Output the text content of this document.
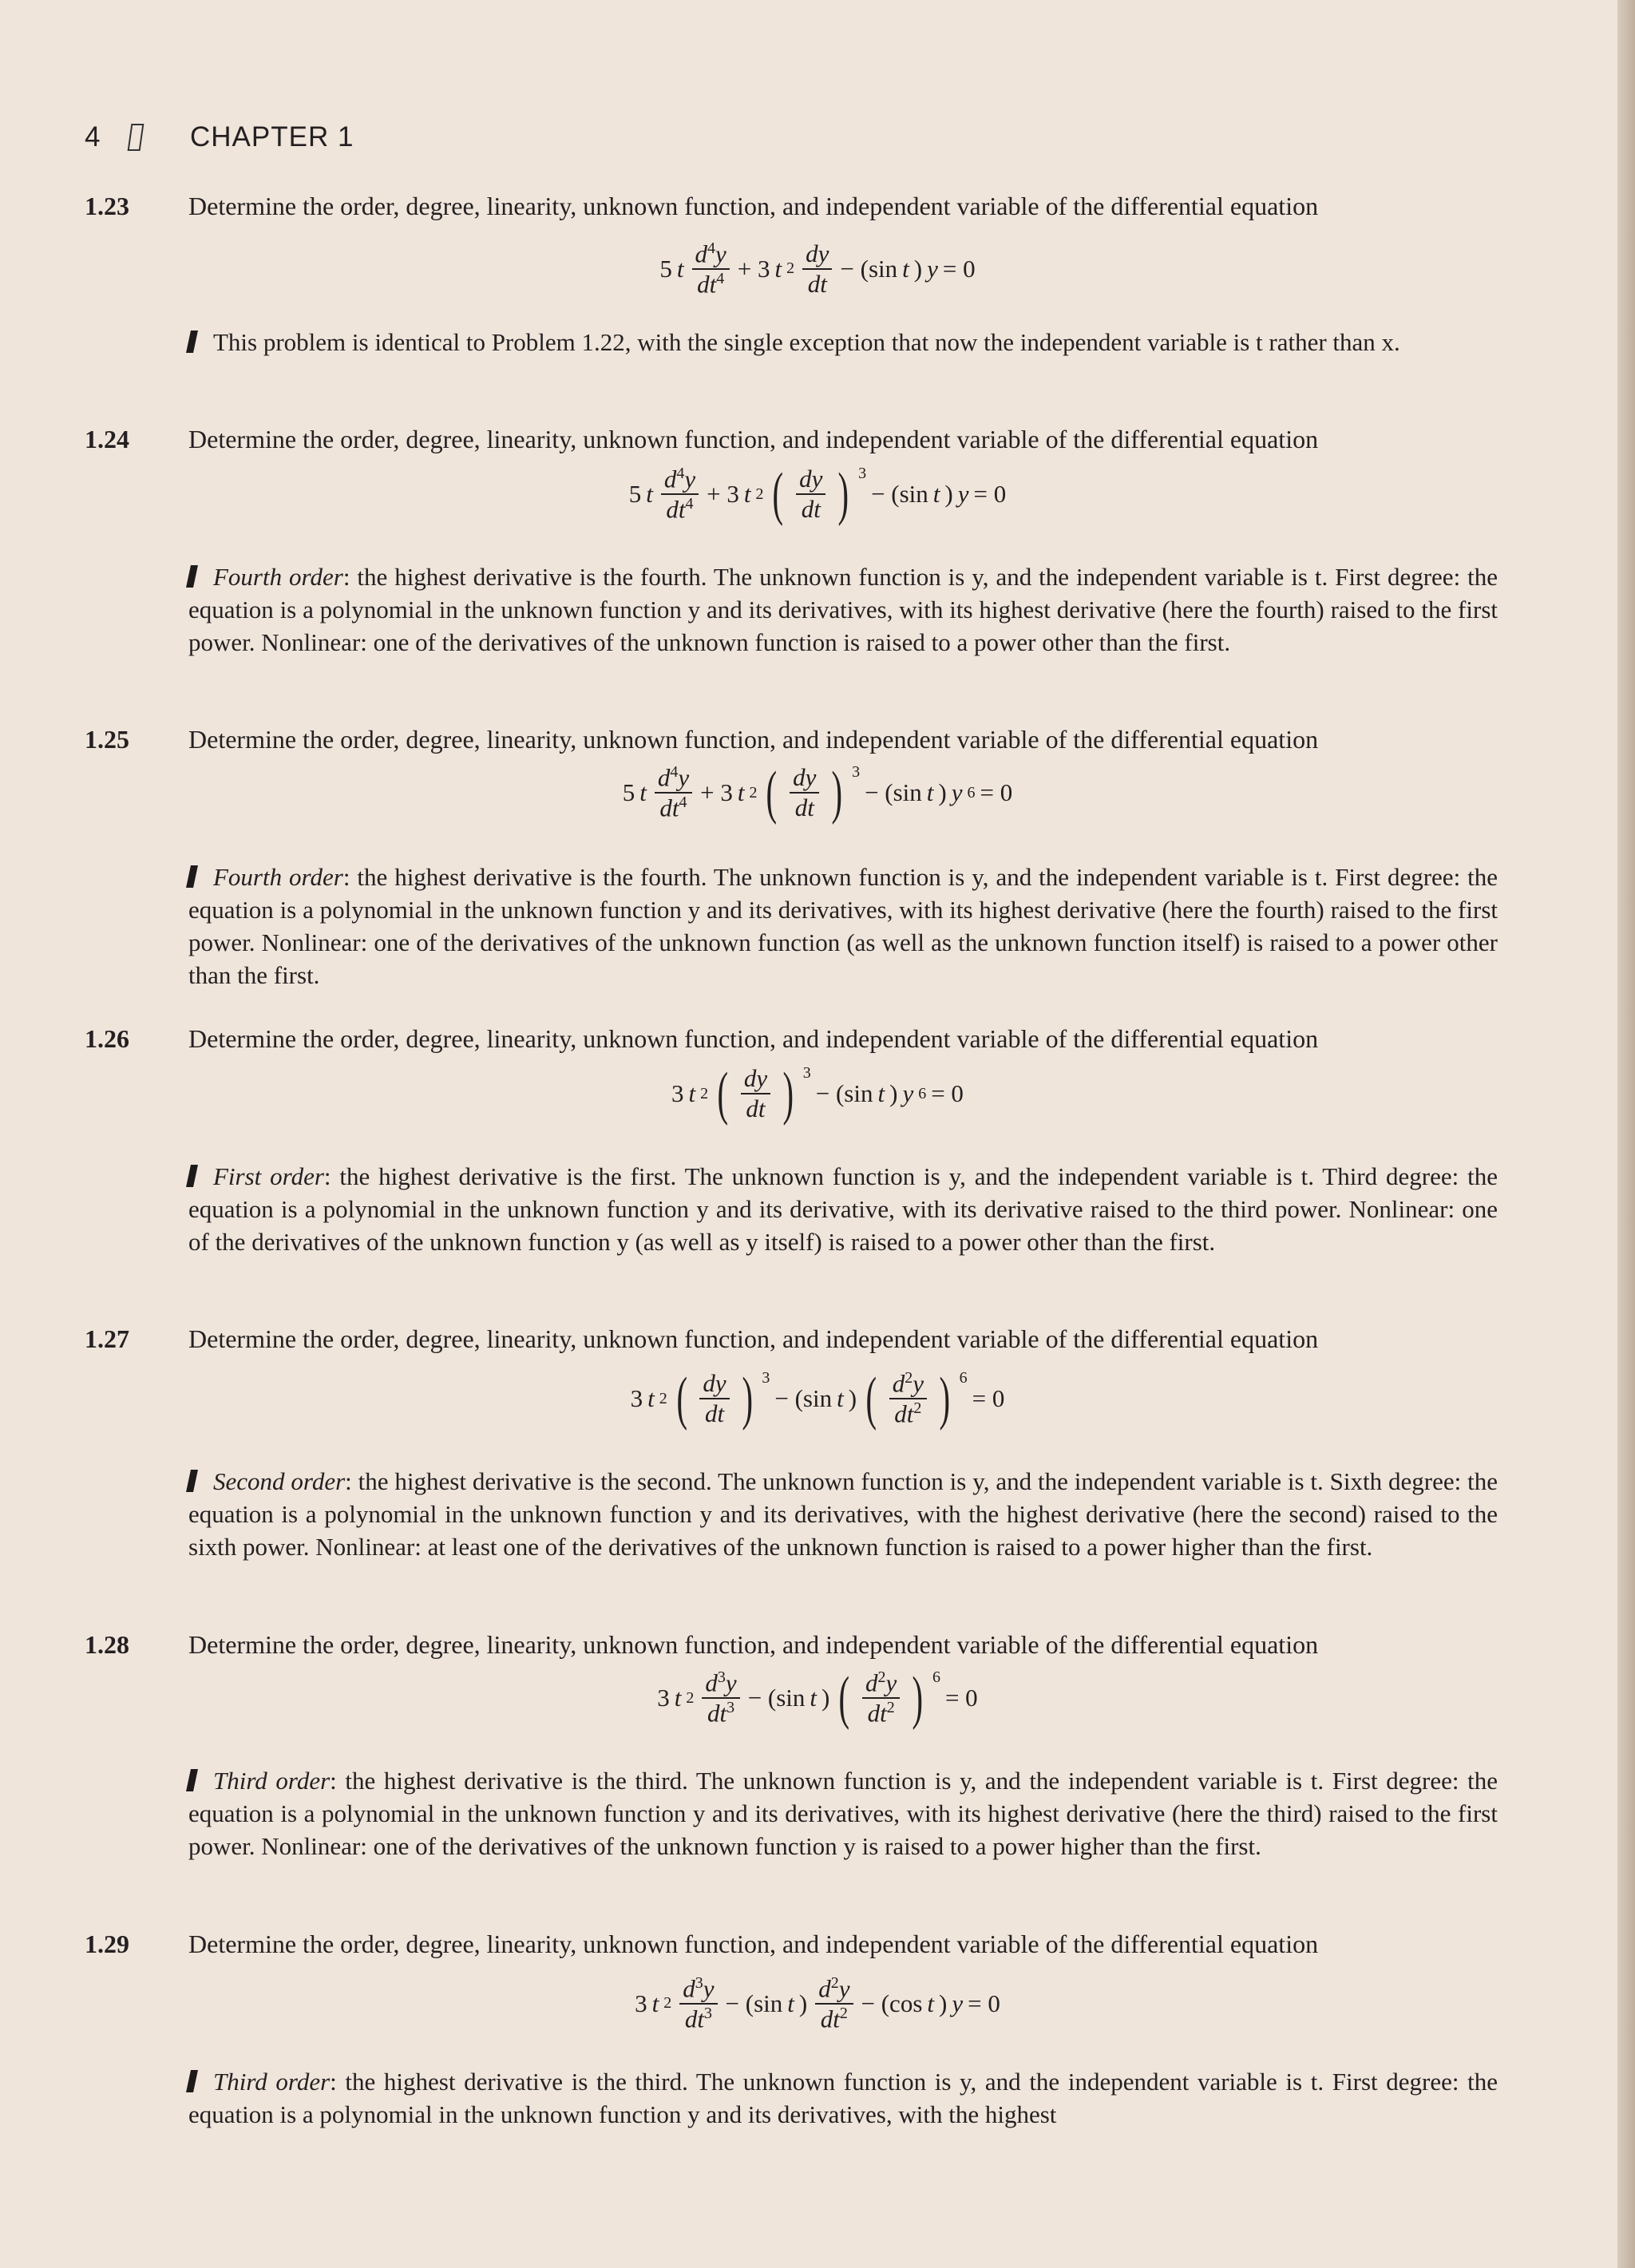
4	CHAPTER 1
1.23 Determine the order, degree, linearity, unknown function, and independent variable of the differential equation
5 t $\frac{d^4y}{dt^4} + 3$ t $2 \frac{dy}{dt} - (\sin$ t ) y = 0
This problem is identical to Problem 1.22, with the single exception that now the independent variable is t rather than x.
1.24 Determine the order, degree, linearity, unknown function, and independent variable of the differential equation
5 t $\frac{d^4y}{dt^4} + 3$ t 2 ( $\frac{dy}{dt}$ ) $^3$
− (sin t ) y = 0
Fourth order: the highest derivative is the fourth. The unknown function is y, and the independent variable is t. First degree: the equation is a polynomial in the unknown function y and its derivatives, with its highest derivative (here the fourth) raised to the first power. Nonlinear: one of the derivatives of the unknown function is raised to a power other than the first.
1.25 Determine the order, degree, linearity, unknown function, and independent variable of the differential equation
5 t $\frac{d^4y}{dt^4} + 3$ t 2 ( $\frac{dy}{dt}$ ) $^3$
− (sin t ) y 6 = 0
Fourth order: the highest derivative is the fourth. The unknown function is y, and the independent variable is t. First degree: the equation is a polynomial in the unknown function y and its derivatives, with its highest derivative (here the fourth) raised to the first power. Nonlinear: one of the derivatives of the unknown function (as well as the unknown function itself) is raised to a power other than the first.
1.26 Determine the order, degree, linearity, unknown function, and independent variable of the differential equation
3 t 2 ( $\frac{dy}{dt}$ ) $^3$
− (sin t ) y 6 = 0
First order: the highest derivative is the first. The unknown function is y, and the independent variable is t. Third degree: the equation is a polynomial in the unknown function y and its derivative, with its derivative raised to the third power. Nonlinear: one of the derivatives of the unknown function y (as well as y itself) is raised to a power other than the first.
1.27 Determine the order, degree, linearity, unknown function, and independent variable of the differential equation
3 t 2 ( $\frac{dy}{dt}$ ) $^3$
− (sin t ) ( $\frac{d^2y}{dt^2}$ ) $^6$
= 0
Second order: the highest derivative is the second. The unknown function is y, and the independent variable is t. Sixth degree: the equation is a polynomial in the unknown function y and its derivatives, with the highest derivative (here the second) raised to the sixth power. Nonlinear: at least one of the derivatives of the unknown function is raised to a power higher than the first.
1.28 Determine the order, degree, linearity, unknown function, and independent variable of the differential equation
3 t $2 \frac{d^3y}{dt^3} - (\sin$ t ) ( $\frac{d^2y}{dt^2}$ ) $^6$
= 0
Third order: the highest derivative is the third. The unknown function is y, and the independent variable is t. First degree: the equation is a polynomial in the unknown function y and its derivatives, with its highest derivative (here the third) raised to the first power. Nonlinear: one of the derivatives of the unknown function y is raised to a power higher than the first.
1.29 Determine the order, degree, linearity, unknown function, and independent variable of the differential equation
3 t $2 \frac{d^3y}{dt^3} - (\sin$ t ) $\frac{d^2y}{dt^2} - (\cos$ t ) y = 0
Third order: the highest derivative is the third. The unknown function is y, and the independent variable is t. First degree: the equation is a polynomial in the unknown function y and its derivatives, with the highest
